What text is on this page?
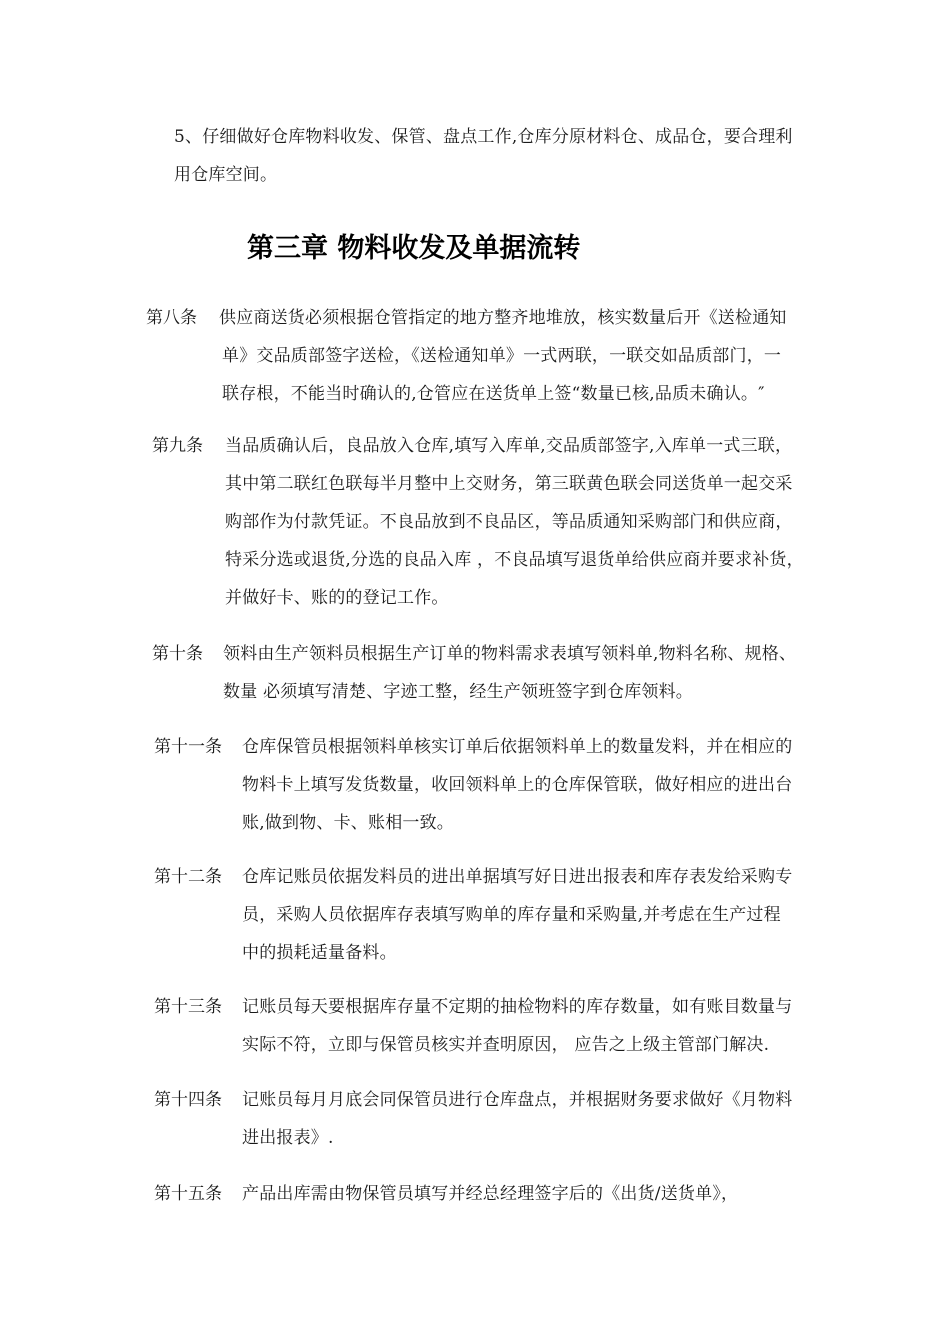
5、仔细做好仓库物料收发、保管、盘点工作,仓库分原材料仓、成品仓，要合理利
用仓库空间。
第三章 物料收发及单据流转
第八条 供应商送货必须根据仓管指定的地方整齐地堆放，核实数量后开《送检通知
单》交品质部签字送检，《送检通知单》一式两联，一联交如品质部门，一
联存根，不能当时确认的,仓管应在送货单上签“数量已核,品质未确认。″
第九条 当品质确认后，良品放入仓库,填写入库单,交品质部签字,入库单一式三联，
其中第二联红色联每半月整中上交财务，第三联黄色联会同送货单一起交采
购部作为付款凭证。不良品放到不良品区，等品质通知采购部门和供应商，
特采分选或退货,分选的良品入库 ，不良品填写退货单给供应商并要求补货，
并做好卡、账的的登记工作。
第十条 领料由生产领料员根据生产订单的物料需求表填写领料单,物料名称、规格、
数量 必须填写清楚、字迹工整，经生产领班签字到仓库领料。
第十一条 仓库保管员根据领料单核实订单后依据领料单上的数量发料，并在相应的
物料卡上填写发货数量，收回领料单上的仓库保管联，做好相应的进出台
账,做到物、卡、账相一致。
第十二条 仓库记账员依据发料员的进出单据填写好日进出报表和库存表发给采购专
员，采购人员依据库存表填写购单的库存量和采购量,并考虑在生产过程
中的损耗适量备料。
第十三条 记账员每天要根据库存量不定期的抽检物料的库存数量，如有账目数量与
实际不符，立即与保管员核实并查明原因， 应告之上级主管部门解决.
第十四条 记账员每月月底会同保管员进行仓库盘点，并根据财务要求做好《月物料
进出报表》.
第十五条 产品出库需由物保管员填写并经总经理签字后的《出货/送货单》，
